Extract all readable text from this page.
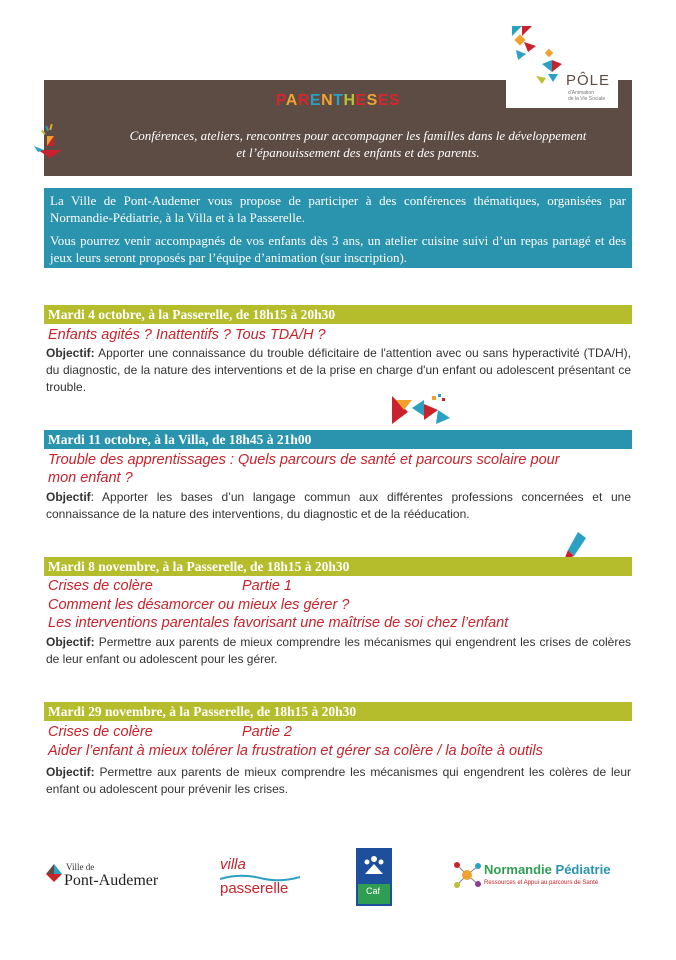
PARENTHESES
Conférences, ateliers, rencontres pour accompagner les familles dans le développement
et l’épanouissement des enfants et des parents.
PÔLE
d'Animation
de la Vie Sociale

La Ville de Pont-Audemer vous propose de participer à des conférences thématiques, organisées par Normandie-Pédiatrie, à la Villa et à la Passerelle.

Vous pourrez venir accompagnés de vos enfants dès 3 ans, un atelier cuisine suivi d’un repas partagé et des jeux leurs seront proposés par l’équipe d’animation (sur inscription).

Mardi 4 octobre, à la Passerelle, de 18h15 à 20h30
Enfants agités ? Inattentifs ? Tous TDA/H ?
Objectif: Apporter une connaissance du trouble déficitaire de l'attention avec ou sans hyperactivité (TDA/H), du diagnostic, de la nature des interventions et de la prise en charge d'un enfant ou adolescent présentant ce trouble.
Mardi 11 octobre, à la Villa, de 18h45 à 21h00
Trouble des apprentissages : Quels parcours de santé et parcours scolaire pour
mon enfant ?
Objectif: Apporter les bases d’un langage commun aux différentes professions concernées et une connaissance de la nature des interventions, du diagnostic et de la rééducation.
Mardi 8 novembre, à la Passerelle, de 18h15 à 20h30
Crises de colère	Partie 1
Comment les désamorcer ou mieux les gérer ?
Les interventions parentales favorisant une maîtrise de soi chez l’enfant
Objectif: Permettre aux parents de mieux comprendre les mécanismes qui engendrent les crises de colères de leur enfant ou adolescent pour les gérer.
Mardi 29 novembre, à la Passerelle, de 18h15 à 20h30
Crises de colère	Partie 2
Aider l’enfant à mieux tolérer la frustration et gérer sa colère / la boîte à outils
Objectif: Permettre aux parents de mieux comprendre les mécanismes qui engendrent les colères de leur enfant ou adolescent pour prévenir les crises.
Ville de
Pont-Audemer
villa
passerelle	Caf
Normandie Pédiatrie
Ressources et Appui au parcours de Santé
